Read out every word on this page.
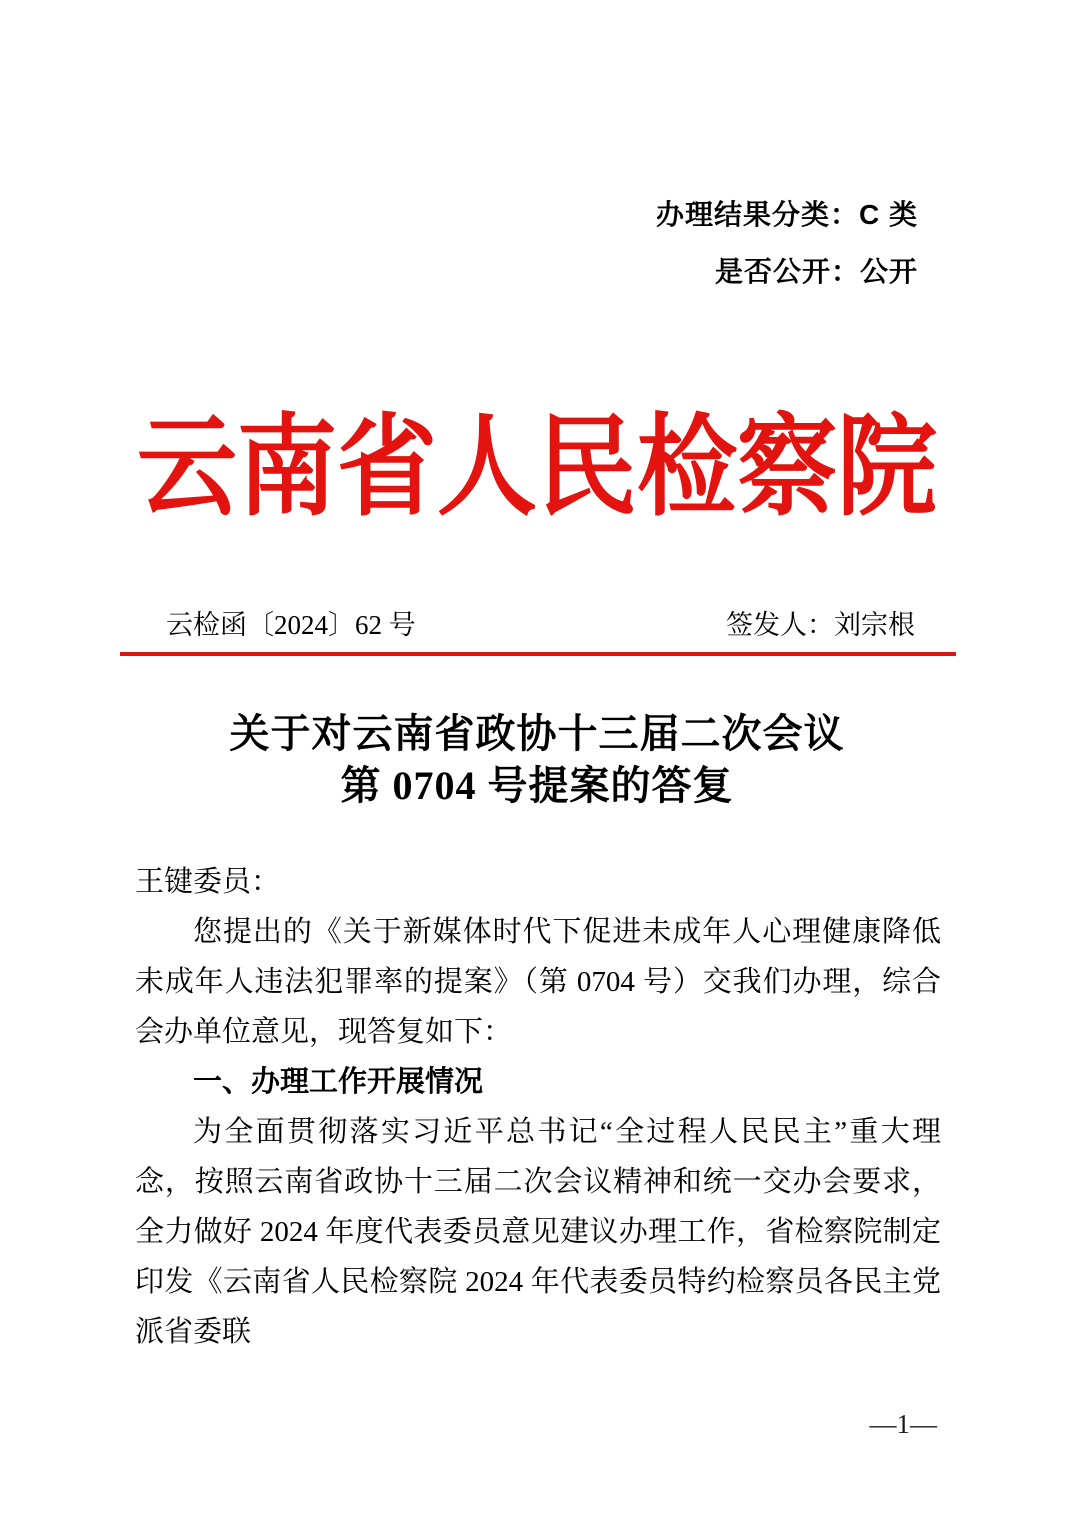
办理结果分类：C 类
是否公开：公开
云南省人民检察院
云检函〔2024〕62 号	签发人：刘宗根
关于对云南省政协十三届二次会议
第 0704 号提案的答复

王键委员：

您提出的《关于新媒体时代下促进未成年人心理健康降低未成年人违法犯罪率的提案》（第 0704 号）交我们办理，综合会办单位意见，现答复如下：

一、办理工作开展情况

为全面贯彻落实习近平总书记“全过程人民民主”重大理念，按照云南省政协十三届二次会议精神和统一交办会要求，全力做好 2024 年度代表委员意见建议办理工作，省检察院制定印发《云南省人民检察院 2024 年代表委员特约检察员各民主党派省委联

—1—
